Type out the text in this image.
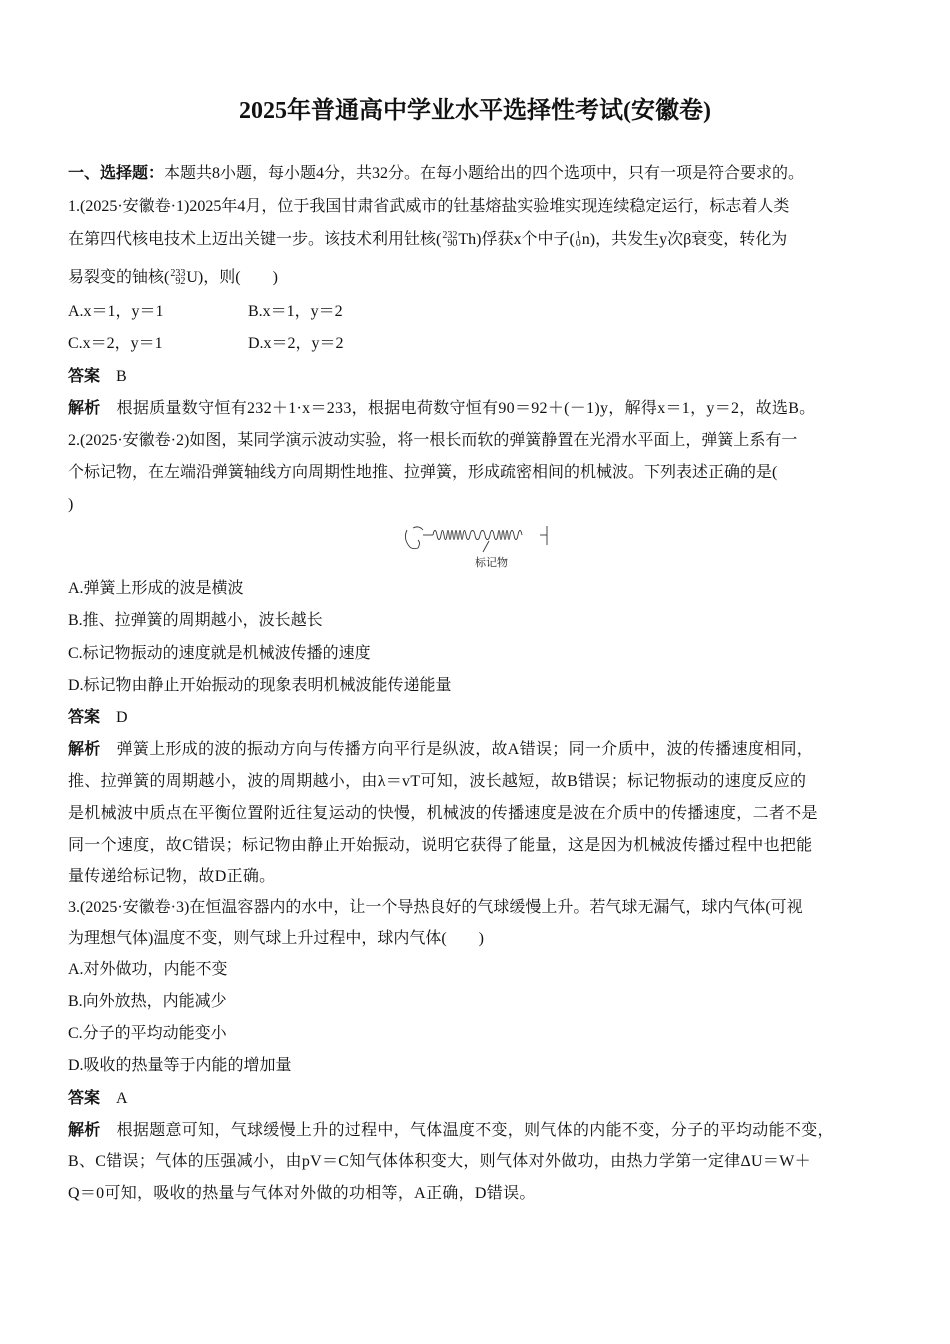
2025年普通高中学业水平选择性考试(安徽卷)
一、选择题：本题共8小题，每小题4分，共32分。在每小题给出的四个选项中，只有一项是符合要求的。
1.(2025·安徽卷·1)2025年4月，位于我国甘肃省武威市的钍基熔盐实验堆实现连续稳定运行，标志着人类
在第四代核电技术上迈出关键一步。该技术利用钍核( 232
90 Th)俘获x个中子( 1
0 n)，共发生y次β衰变，转化为
易裂变的铀核( 233
92 U)，则(　　)
A.x＝1，y＝1	B.x＝1，y＝2
C.x＝2，y＝1	D.x＝2，y＝2
答案 B
解析 根据质量数守恒有232＋1·x＝233，根据电荷数守恒有90＝92＋(－1)y，解得x＝1，y＝2，故选B。
2.(2025·安徽卷·2)如图，某同学演示波动实验，将一根长而软的弹簧静置在光滑水平面上，弹簧上系有一
个标记物，在左端沿弹簧轴线方向周期性地推、拉弹簧，形成疏密相间的机械波。下列表述正确的是(
)
标记物
A.弹簧上形成的波是横波
B.推、拉弹簧的周期越小，波长越长
C.标记物振动的速度就是机械波传播的速度
D.标记物由静止开始振动的现象表明机械波能传递能量
答案 D
解析 弹簧上形成的波的振动方向与传播方向平行是纵波，故A错误；同一介质中，波的传播速度相同，
推、拉弹簧的周期越小，波的周期越小，由λ＝vT可知，波长越短，故B错误；标记物振动的速度反应的
是机械波中质点在平衡位置附近往复运动的快慢，机械波的传播速度是波在介质中的传播速度，二者不是
同一个速度，故C错误；标记物由静止开始振动，说明它获得了能量，这是因为机械波传播过程中也把能
量传递给标记物，故D正确。
3.(2025·安徽卷·3)在恒温容器内的水中，让一个导热良好的气球缓慢上升。若气球无漏气，球内气体(可视
为理想气体)温度不变，则气球上升过程中，球内气体(　　)
A.对外做功，内能不变
B.向外放热，内能减少
C.分子的平均动能变小
D.吸收的热量等于内能的增加量
答案 A
解析 根据题意可知，气球缓慢上升的过程中，气体温度不变，则气体的内能不变，分子的平均动能不变，
B、C错误；气体的压强减小，由pV＝C知气体体积变大，则气体对外做功，由热力学第一定律ΔU＝W＋
Q＝0可知，吸收的热量与气体对外做的功相等，A正确，D错误。
